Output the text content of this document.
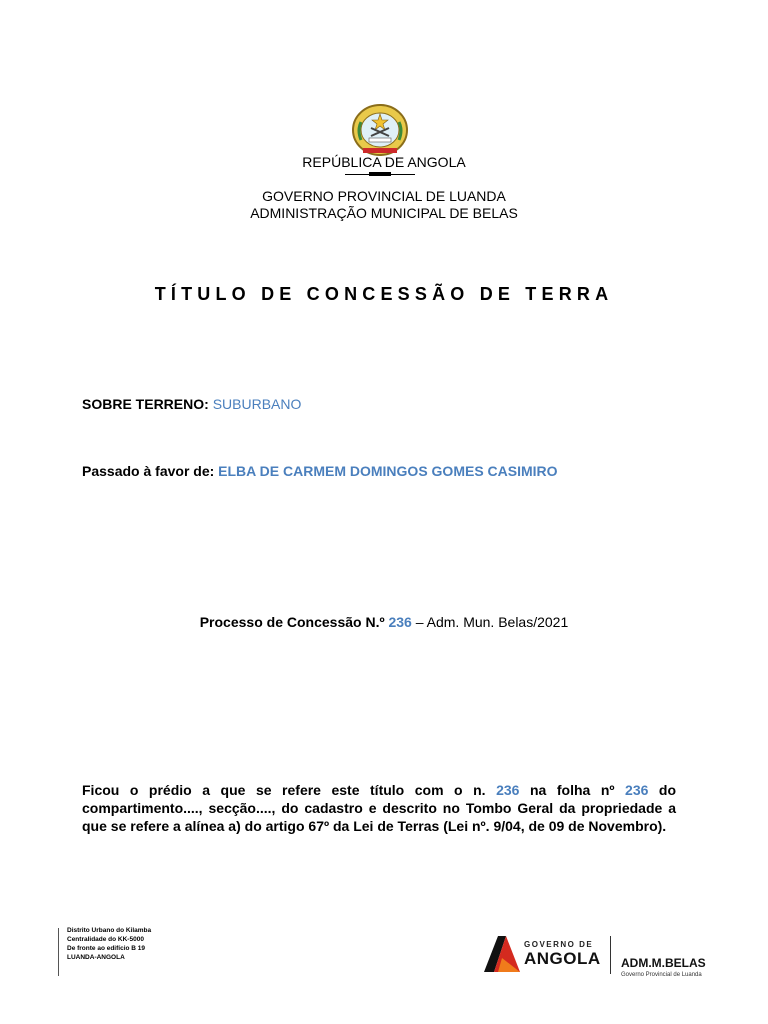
REPÚBLICA DE ANGOLA
GOVERNO PROVINCIAL DE LUANDA
ADMINISTRAÇÃO MUNICIPAL DE BELAS
TÍTULO DE CONCESSÃO DE TERRA
SOBRE TERRENO: SUBURBANO
Passado à favor de: ELBA DE CARMEM DOMINGOS GOMES CASIMIRO
Processo de Concessão N.º 236 – Adm. Mun. Belas/2021
Ficou o prédio a que se refere este título com o n. 236 na folha nº 236 do compartimento...., secção...., do cadastro e descrito no Tombo Geral da propriedade a que se refere a alínea a) do artigo 67º da Lei de Terras (Lei nº. 9/04, de 09 de Novembro).
Distrito Urbano do Kilamba
Centralidade do KK-5000
De fronte ao edifício B 19
LUANDA-ANGOLA
GOVERNO DE
ANGOLA ADM.M.BELAS
Governo Provincial de Luanda
